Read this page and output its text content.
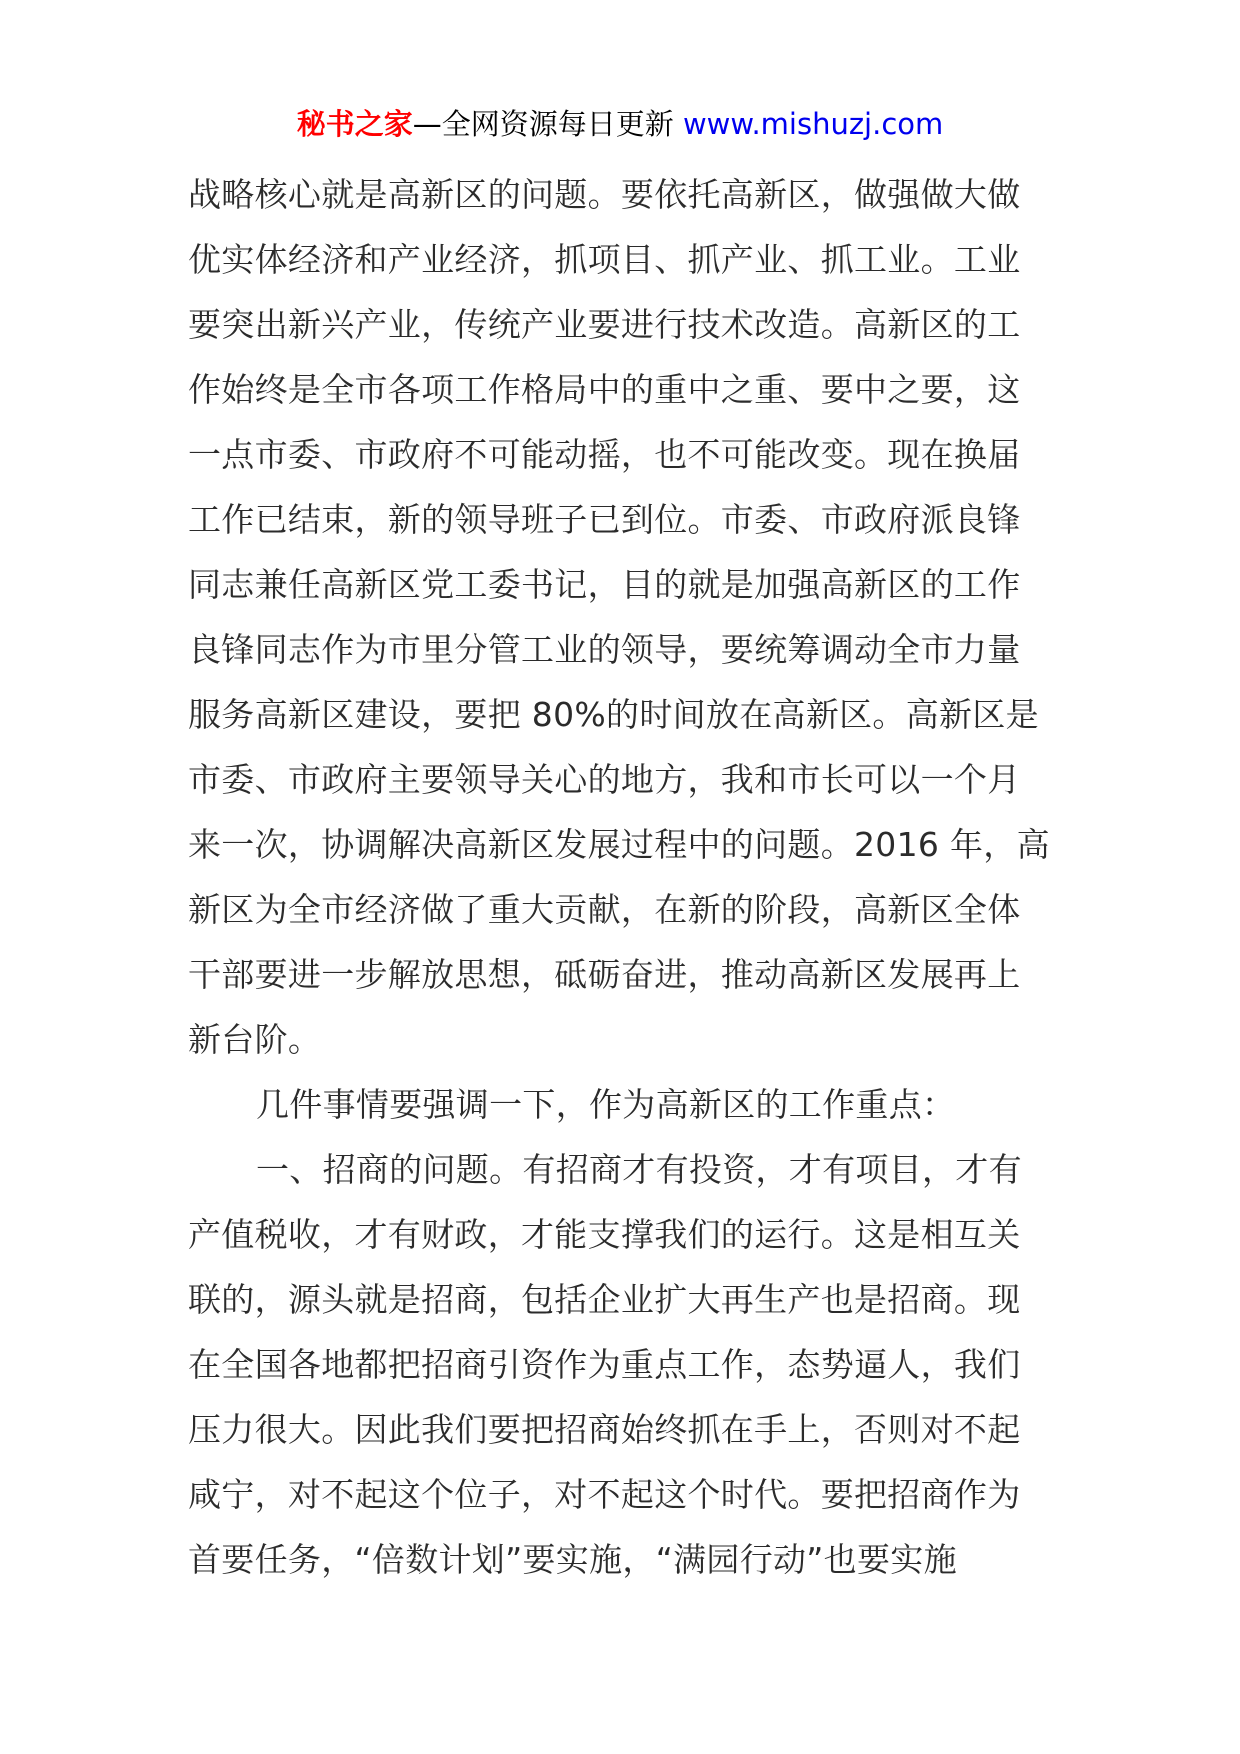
秘书之家—全网资源每日更新 www.mishuzj.com
战略核心就是高新区的问题。要依托高新区，做强做大做
优实体经济和产业经济，抓项目、抓产业、抓工业。工业
要突出新兴产业，传统产业要进行技术改造。高新区的工
作始终是全市各项工作格局中的重中之重、要中之要，这
一点市委、市政府不可能动摇，也不可能改变。现在换届
工作已结束，新的领导班子已到位。市委、市政府派良锋
同志兼任高新区党工委书记，目的就是加强高新区的工作
良锋同志作为市里分管工业的领导，要统筹调动全市力量
服务高新区建设，要把 80%的时间放在高新区。高新区是
市委、市政府主要领导关心的地方，我和市长可以一个月
来一次，协调解决高新区发展过程中的问题。2016 年，高
新区为全市经济做了重大贡献，在新的阶段，高新区全体
干部要进一步解放思想，砥砺奋进，推动高新区发展再上
新台阶。
几件事情要强调一下，作为高新区的工作重点：
一、招商的问题。有招商才有投资，才有项目，才有
产值税收，才有财政，才能支撑我们的运行。这是相互关
联的，源头就是招商，包括企业扩大再生产也是招商。现
在全国各地都把招商引资作为重点工作，态势逼人，我们
压力很大。因此我们要把招商始终抓在手上，否则对不起
咸宁，对不起这个位子，对不起这个时代。要把招商作为
首要任务，“倍数计划”要实施，“满园行动”也要实施
